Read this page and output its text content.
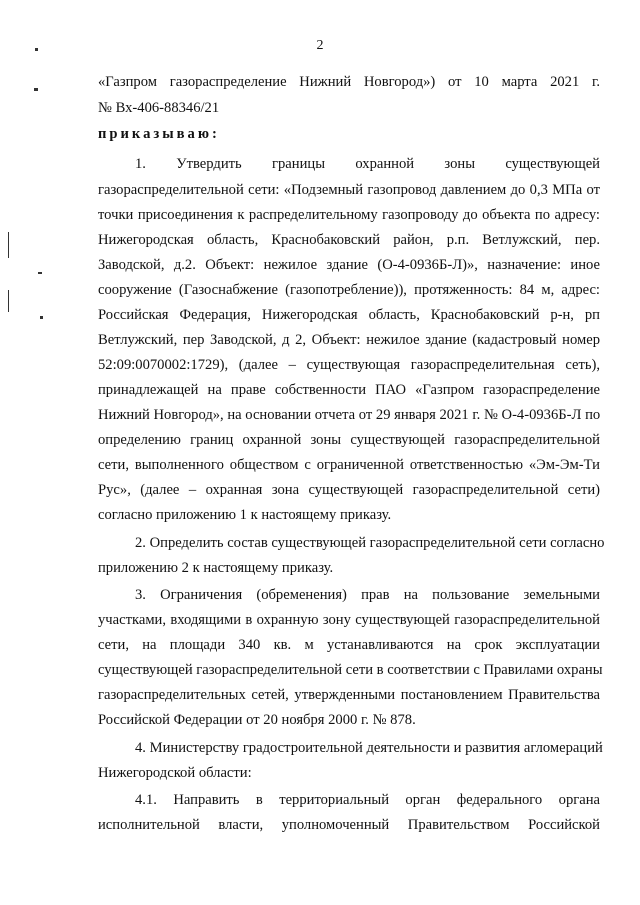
2
«Газпром газораспределение Нижний Новгород») от 10 марта 2021 г.
№ Вх-406-88346/21
приказываю:
1. Утвердить границы охранной зоны существующей
газораспределительной сети: «Подземный газопровод давлением до 0,3 МПа от
точки присоединения к распределительному газопроводу до объекта по адресу:
Нижегородская область, Краснобаковский район, р.п. Ветлужский, пер.
Заводской, д.2. Объект: нежилое здание (О-4-0936Б-Л)», назначение: иное
сооружение (Газоснабжение (газопотребление)), протяженность: 84 м, адрес:
Российская Федерация, Нижегородская область, Краснобаковский р-н, рп
Ветлужский, пер Заводской, д 2, Объект: нежилое здание (кадастровый номер
52:09:0070002:1729), (далее – существующая газораспределительная сеть),
принадлежащей на праве собственности ПАО «Газпром газораспределение
Нижний Новгород», на основании отчета от 29 января 2021 г. № О-4-0936Б-Л по
определению границ охранной зоны существующей газораспределительной
сети, выполненного обществом с ограниченной ответственностью «Эм-Эм-Ти
Рус», (далее – охранная зона существующей газораспределительной сети)
согласно приложению 1 к настоящему приказу.
2. Определить состав существующей газораспределительной сети согласно
приложению 2 к настоящему приказу.
3. Ограничения (обременения) прав на пользование земельными
участками, входящими в охранную зону существующей газораспределительной
сети, на площади 340 кв. м устанавливаются на срок эксплуатации
существующей газораспределительной сети в соответствии с Правилами охраны
газораспределительных сетей, утвержденными постановлением Правительства
Российской Федерации от 20 ноября 2000 г. № 878.
4. Министерству градостроительной деятельности и развития агломераций
Нижегородской области:
4.1. Направить в территориальный орган федерального органа
исполнительной власти, уполномоченный Правительством Российской
